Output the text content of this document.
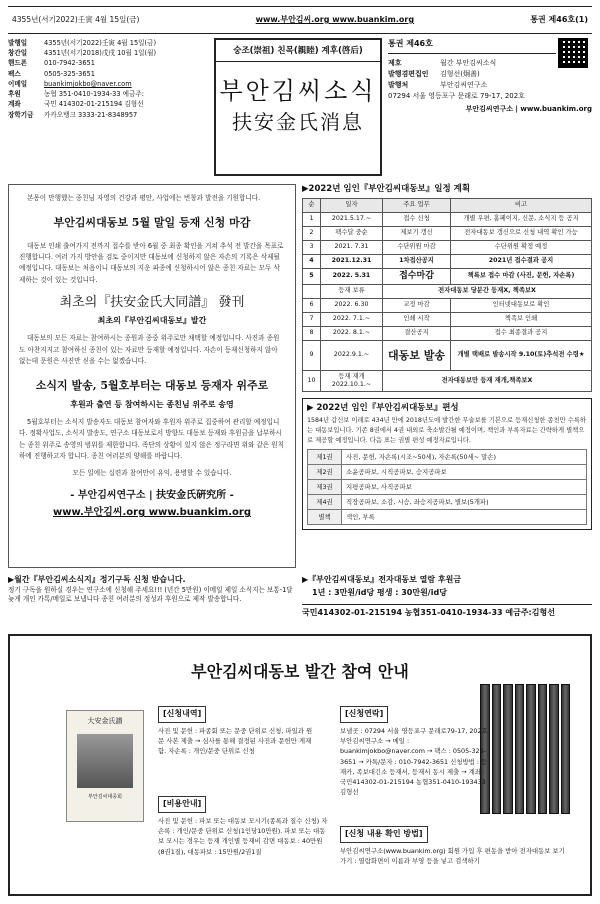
4355년(서기2022)壬寅 4월 15일(금)	www.부안김씨.org www.buankim.org	통권 제46호(1)
발행일	4355년(서기2022)壬寅 4월 15일(금)
창간일	4351년(서기2018)戊戌 10월 1일(월)
핸드폰	010-7942-3651
팩스	0505-325-3651
이메일	buankimjokbo@naver.com
후원	농협 351-0410-1934-33 예금주:
계좌	국민 414302-01-215194 김형선
장학기금	카카오뱅크 3333-21-8348957
숭조(崇祖) 친목(親睦) 계후(啓后)
부안김씨소식
扶安金氏消息
통권 제46호
제호	월간 부안김씨소식
발행겸편집인 김형선(炯善)
발행처	부안김씨연구소
07294 서울 영등포구 문래로 79-17, 202호
부안김씨연구소 | www.buankim.org

본몽이 만행했는 종친님 자영의 건강과 평안, 사업에는 번창과 발전을 기원합니다.

부안김씨대동보 5월 말일 등재 신청 마감

대동보 인쇄 출여가지 전까지 접수를 받아 6월 중 최종 확인을 거쳐 추석 전 발간을 목표로 진행합니다. 여러 가지 방안을 검토 중이지만 대동보에 신청하지 않은 자손의 기록은 삭제될 예정입니다. 대동보는 처음이니 대동보의 지운 파종에 신청하시어 않은 종친 자료는 모두 삭제하는 것이 있는 것입니다.

최초의『扶安金氏大同譜』 發刊
최초의『부안김씨대동보』발간

대동보의 모든 자료는 참여하시는 종원과 종중 위주로만 채택할 예정입니다. 사진과 종원도 아찬지지고 참여하신 종친이 있는 자료만 등재할 예정입니다. 자손이 등재신청하지 않아 없는데 문원은 사진만 싣을 수는 없겠습니다.

소식지 발송, 5월호부터는 대동보 등재자 위주로
후원과 출연 등 참여하시는 종친님 위주로 송영

5월호부터는 소식지 발송자도 대동보 참여자와 후원자 위주로 집중하여 관리할 예정입니다. 정확사업도, 소식지 발송도, 연구소 대동보로서 방향도 대동보 등재와 후원금을 납부하시는 종친 위주로 송영의 범위를 제한합니다. 족단의 상황이 있지 않은 정구라면 위와 같은 원칙하에 진행하고자 합니다. 종친 여러분의 양해를 바랍니다.

모든 일에는 십련과 참여만이 유익, 용병할 수 있습니다.

- 부안김씨연구소 | 扶安金氏硏究所 -
www.부안김씨.org www.buankim.org
▶2022년 임인『부안김씨대동보』일정 계획
순	일자	주요 업무	비고
1	2021.5.17.~	접수 신청	개별 우편, 홈페이지, 신문, 소식지 등 공지
2	팩수달 중순	제보기 갱신	전자대동보 갱신으로 신청 내역 확인 가능
3	2021. 7.31	수단위원 마감	수단위원 확정 예정
4	2021.12.31	1차접산공지	2021년 접수결과 공지
5	2022. 5.31	접수마감	책록보 접수 마감 (사진, 문헌, 자손록)
	등재 보류	전자대동보 당분간 등재X, 책족보X	
6	2022. 6.30	교정 마감	인터넷대동보로 확인
7	2022. 7.1.~	인쇄 시작	책족보 인쇄
8	2022. 8.1.~	결산공지	접수 최종결과 공지
9	2022.9.1.~	대동보 발송	개별 택배로 발송시작 9.10(토)추석전 수령★
10	등재 재개 2022.10.1.~	전자대동보만 등재 재개,책족보X	
▶ 2022년 임인『부안김씨대동보』편성

1584년 갑신보 이래로 434년 만에 2018년도에 발간한 무술보를 기본으로 등재신청한 종친만 수록하는 대동보입니다. 기존 8권에서 4권 내외로 축소발간될 예정이며, 책인과 부록자료는 간략하게 별책으로 제공할 예정입니다. 다음 표는 권별 편성 예정자료입니다.

제1권	사진, 문헌, 자손록(시조~50세), 자손록(50세~ 말손)
제2권	소윤공파보, 시직공파보, 승지공파보
제3권	지평공파보, 사직공파보
제4권	직장공파보, 소감, 시승, 좌승지공파보, 별보(5개파)
별책	색인, 부록
▶월간『부안김씨소식지』정기구독 신청 받습니다.
정기 구독을 원하실 경우는 연구소에 신청해 주세요!!! (년간 5만원) 이메일 제일 소식지는 보통-1달 늦게 개인 카톡/메일로 보냅니다 종친 여러분의 정성과 후원으로 제작 발송합니다.
▶『부안김씨대동보』전자대동보 열람 후원금
1년 : 3만원/id당 평생 : 30만원/id당
국민414302-01-215194 농협351-0410-1934-33 예금주:김형선
부안김씨대동보 발간 참여 안내
大安金氏譜
부안김씨대종회
[신청내역]
사진 및 문헌 : 파종회 또는 문중 단위로 신청, 파일과 원문 사본 제출 → 심사를 통해 결정된 사진과 문헌만 게재함. 자손록 : 개인/문중 단위로 신청
[신청연락]
보낼곳 : 07294 서울 영등포구 문래로79-17, 202호 부안김씨연구소 → 메일 : buankimjokbo@naver.com → 팩스 : 0505-325-3651 → 카톡/문자 : 010-7942-3651 신청방법 : 등재카, 족보대긴소 등재서, 등재서 동시 제출 → 계좌 : 국민414302-01-215194 농협351-0410-193433 김형선
[비용안내]
사진 및 문헌 : 파보 또는 대동보 모시기(종록과 질수 신청) 자손록 : 개인/문중 단위로 신청(1인당10만원). 파보 또는 대동보 모시는 경우는 등재 개인별 등재비 감면 대동보 : 40만원(8권1질), 대동파보 : 15만원/2권1질
[신청 내용 확인 방법]
부안김씨연구소(www.buankim.org) 회원 가입 후 편동을 받아 전자대동보 보기 가기 : 열람화면이 이름과 부영 등을 넣고 검색하기
